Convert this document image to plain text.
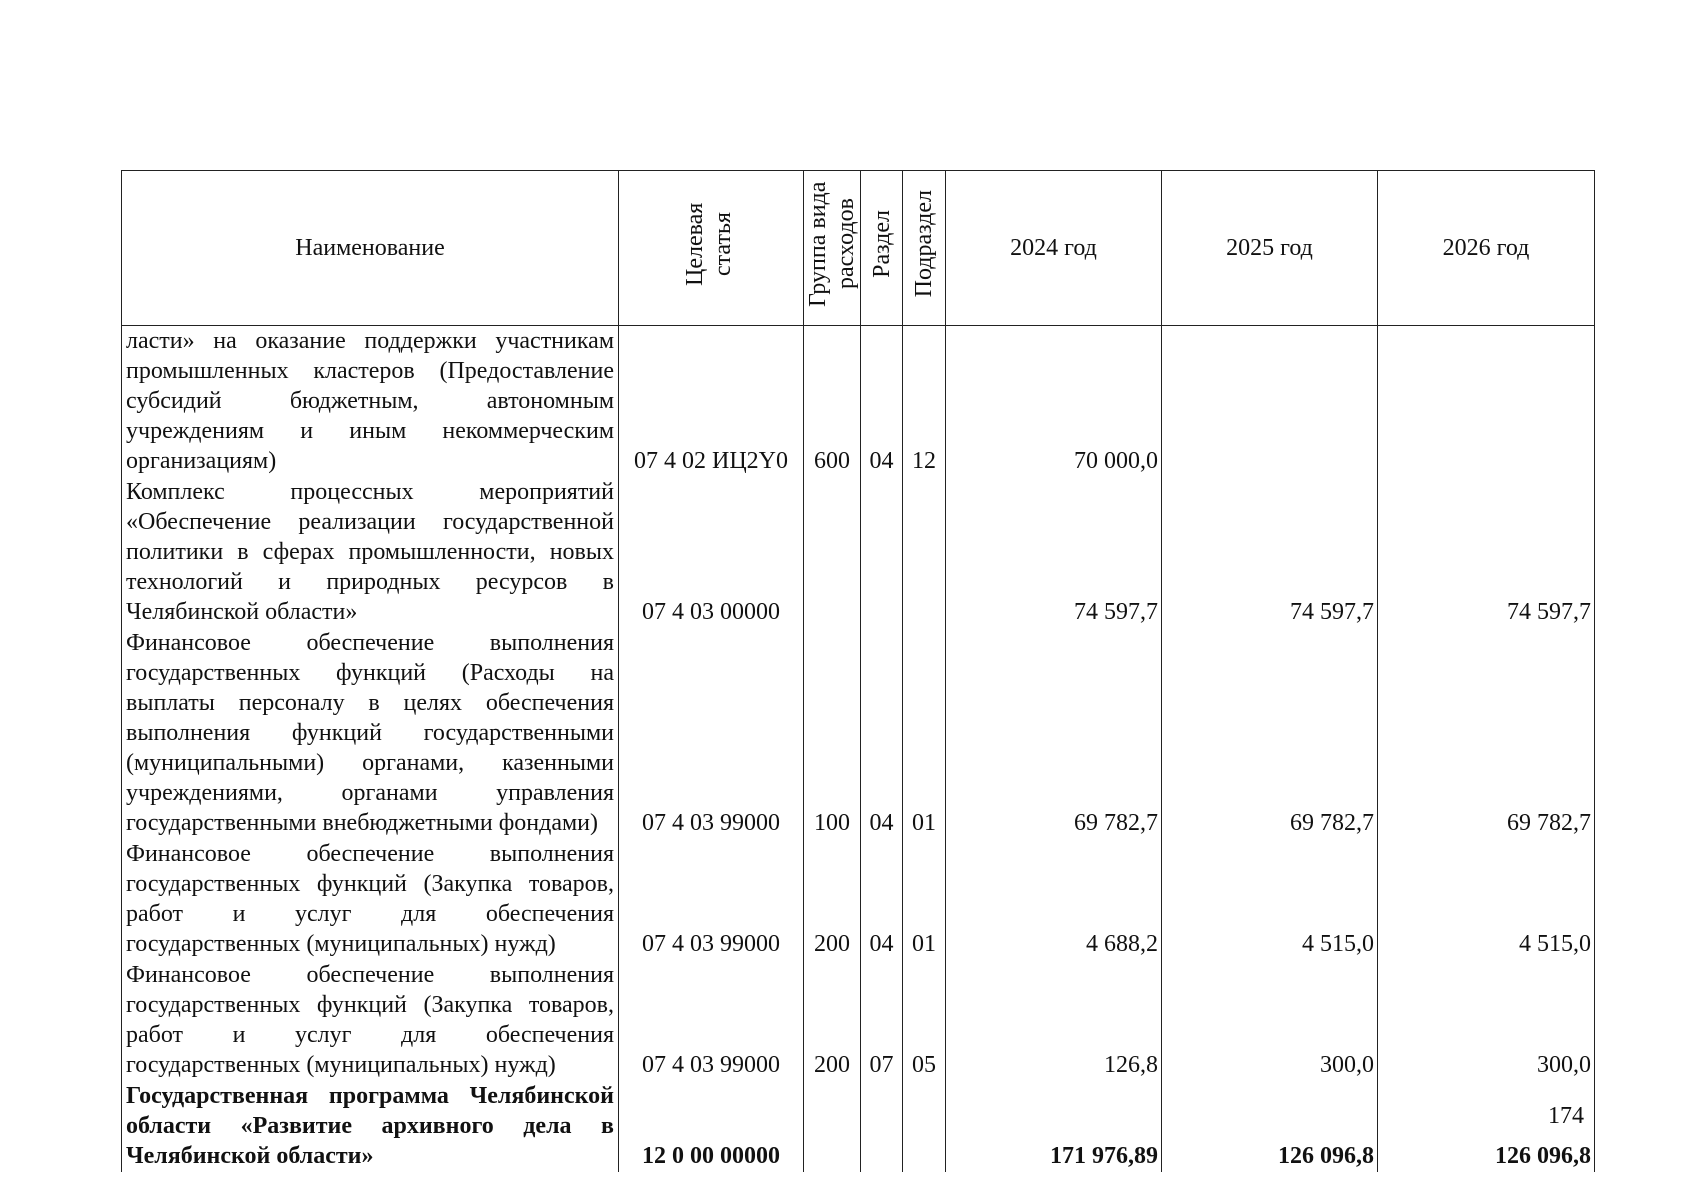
Наименование	Целевая статья	Группа вида расходов	Раздел	Подраздел	2024 год	2025 год	2026 год
ласти» на оказание поддержки участникам промышленных кластеров (Предоставление субсидий бюджетным, автономным учреждениям и иным некоммерческим организациям)	07 4 02 ИЦ2Y0	600	04	12	70 000,0		
Комплекс процессных мероприятий «Обеспечение реализации государственной политики в сферах промышленности, новых технологий и природных ресурсов в Челябинской области»	07 4 03 00000				74 597,7	74 597,7	74 597,7
Финансовое обеспечение выполнения государственных функций (Расходы на выплаты персоналу в целях обеспечения выполнения функций государственными (муниципальными) органами, казенными учреждениями, органами управления государственными внебюджетными фондами)	07 4 03 99000	100	04	01	69 782,7	69 782,7	69 782,7
Финансовое обеспечение выполнения государственных функций (Закупка товаров, работ и услуг для обеспечения государственных (муниципальных) нужд)	07 4 03 99000	200	04	01	4 688,2	4 515,0	4 515,0
Финансовое обеспечение выполнения государственных функций (Закупка товаров, работ и услуг для обеспечения государственных (муниципальных) нужд)	07 4 03 99000	200	07	05	126,8	300,0	300,0
Государственная программа Челябинской области «Развитие архивного дела в Челябинской области»	12 0 00 00000				171 976,89	126 096,8	126 096,8
174
